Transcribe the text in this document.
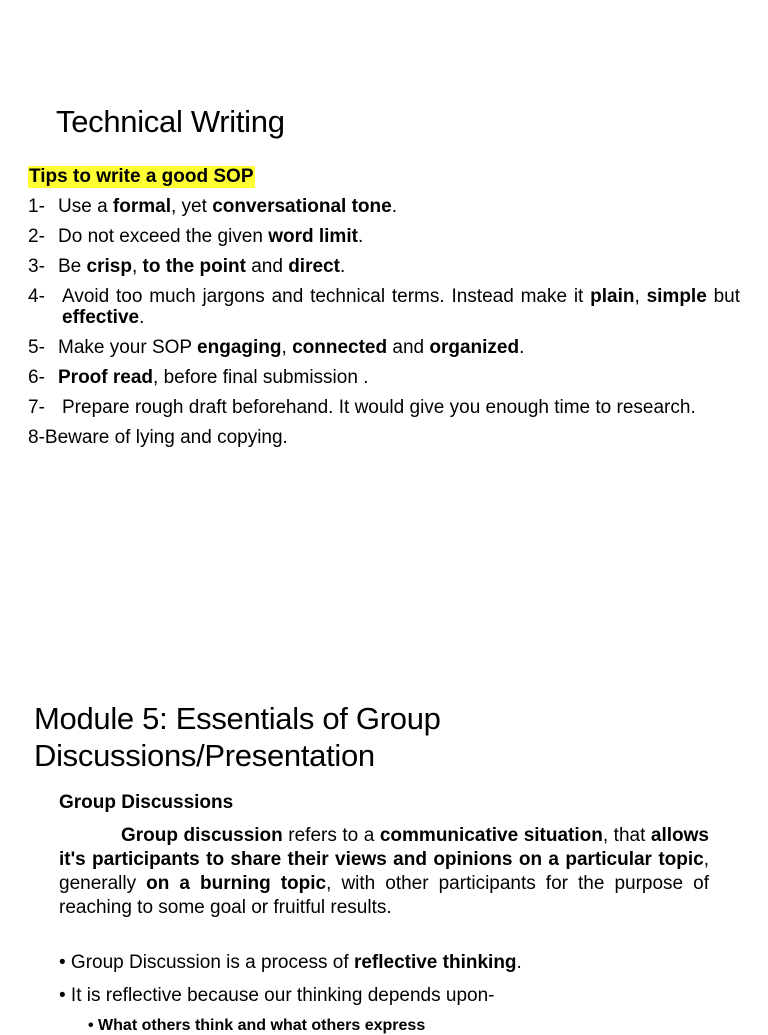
Technical Writing
Tips to write a good SOP
1- Use a formal, yet conversational tone.
2- Do not exceed the given word limit.
3- Be crisp, to the point and direct.
4- Avoid too much jargons and technical terms. Instead make it plain, simple but effective.
5- Make your SOP engaging, connected and organized.
6- Proof read, before final submission .
7- Prepare rough draft beforehand. It would give you enough time to research.
8-Beware of lying and copying.
Module 5: Essentials of Group
Discussions/Presentation
Group Discussions

Group discussion refers to a communicative situation, that allows it's participants to share their views and opinions on a particular topic, generally on a burning topic, with other participants for the purpose of reaching to some goal or fruitful results.

• Group Discussion is a process of reflective thinking.
• It is reflective because our thinking depends upon-
• What others think and what others express
